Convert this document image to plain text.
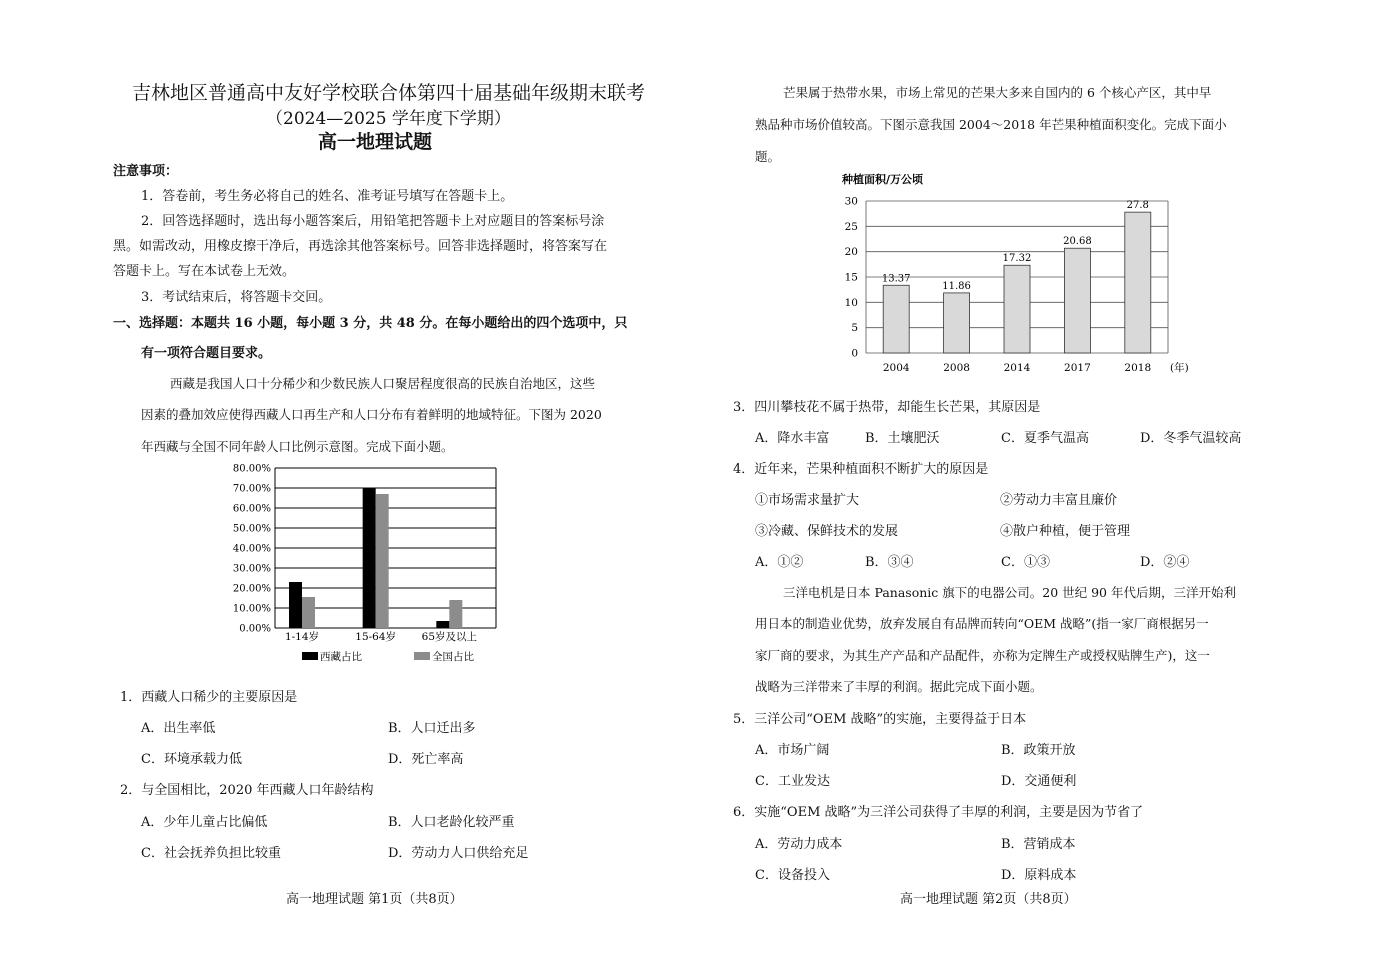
吉林地区普通高中友好学校联合体第四十届基础年级期末联考
（2024—2025 学年度下学期）
高一地理试题
注意事项：
1．答卷前，考生务必将自己的姓名、准考证号填写在答题卡上。
2．回答选择题时，选出每小题答案后，用铅笔把答题卡上对应题目的答案标号涂
黑。如需改动，用橡皮擦干净后，再选涂其他答案标号。回答非选择题时，将答案写在
答题卡上。写在本试卷上无效。
3．考试结束后，将答题卡交回。
一、选择题：本题共 16 小题，每小题 3 分，共 48 分。在每小题给出的四个选项中，只
有一项符合题目要求。
西藏是我国人口十分稀少和少数民族人口聚居程度很高的民族自治地区，这些
因素的叠加效应使得西藏人口再生产和人口分布有着鲜明的地域特征。下图为 2020
年西藏与全国不同年龄人口比例示意图。完成下面小题。
0.00%
10.00%
20.00%
30.00%
40.00%
50.00%
60.00%
70.00%
80.00%
1-14岁	15-64岁 65岁及以上
西藏占比	全国占比
1．西藏人口稀少的主要原因是
A．出生率低	B．人口迁出多
C．环境承载力低	D．死亡率高
2．与全国相比，2020 年西藏人口年龄结构
A．少年儿童占比偏低	B．人口老龄化较严重
C．社会抚养负担比较重	D．劳动力人口供给充足
高一地理试题 第1页（共8页）
芒果属于热带水果，市场上常见的芒果大多来自国内的 6 个核心产区，其中早
熟品种市场价值较高。下图示意我国 2004～2018 年芒果种植面积变化。完成下面小
题。
种植面积/万公顷
0
5
10
15
20
25
30
13.37
2004
11.86
2008
17.32
2014
20.68
2017
27.8
2018 (年)
3．四川攀枝花不属于热带，却能生长芒果，其原因是
A．降水丰富	B．土壤肥沃	C．夏季气温高	D．冬季气温较高
4．近年来，芒果种植面积不断扩大的原因是
①市场需求量扩大	②劳动力丰富且廉价
③冷藏、保鲜技术的发展	④散户种植，便于管理
A．①②	B．③④	C．①③	D．②④
三洋电机是日本 Panasonic 旗下的电器公司。20 世纪 90 年代后期，三洋开始利
用日本的制造业优势，放弃发展自有品牌而转向“OEM 战略”(指一家厂商根据另一
家厂商的要求，为其生产产品和产品配件，亦称为定牌生产或授权贴牌生产)，这一
战略为三洋带来了丰厚的利润。据此完成下面小题。
5．三洋公司“OEM 战略”的实施，主要得益于日本
A．市场广阔	B．政策开放
C．工业发达	D．交通便利
6．实施“OEM 战略”为三洋公司获得了丰厚的利润，主要是因为节省了
A．劳动力成本	B．营销成本
C．设备投入	D．原料成本
高一地理试题 第2页（共8页）
